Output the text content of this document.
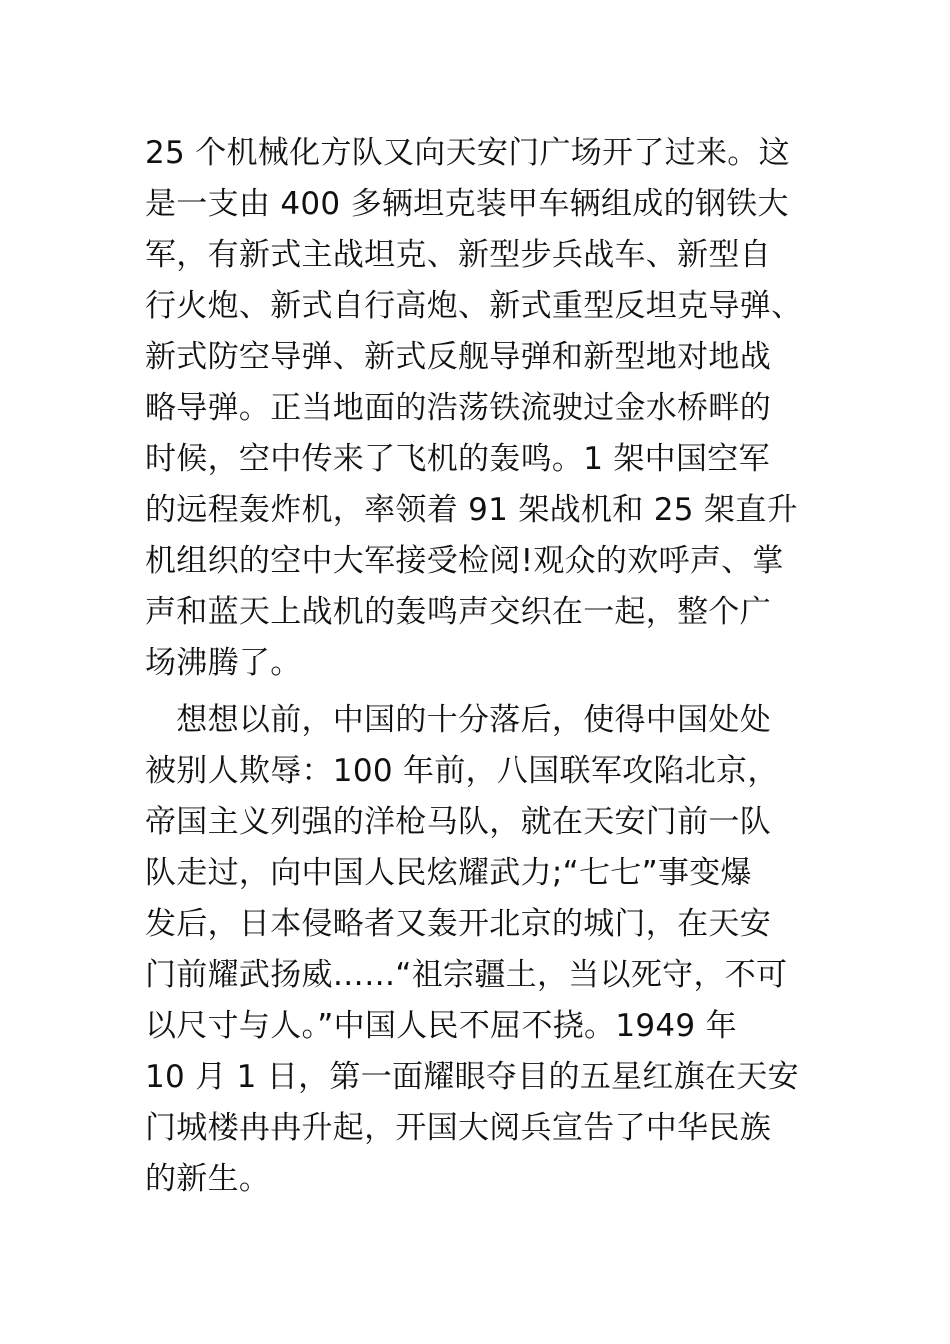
25 个机械化方队又向天安门广场开了过来。这
是一支由 400 多辆坦克装甲车辆组成的钢铁大
军，有新式主战坦克、新型步兵战车、新型自
行火炮、新式自行高炮、新式重型反坦克导弹、
新式防空导弹、新式反舰导弹和新型地对地战
略导弹。正当地面的浩荡铁流驶过金水桥畔的
时候，空中传来了飞机的轰鸣。1 架中国空军
的远程轰炸机，率领着 91 架战机和 25 架直升
机组织的空中大军接受检阅!观众的欢呼声、掌
声和蓝天上战机的轰鸣声交织在一起，整个广
场沸腾了。
　想想以前，中国的十分落后，使得中国处处
被别人欺辱：100 年前，八国联军攻陷北京，
帝国主义列强的洋枪马队，就在天安门前一队
队走过，向中国人民炫耀武力;“七七”事变爆
发后，日本侵略者又轰开北京的城门，在天安
门前耀武扬威……“祖宗疆土，当以死守，不可
以尺寸与人。”中国人民不屈不挠。1949 年
10 月 1 日，第一面耀眼夺目的五星红旗在天安
门城楼冉冉升起，开国大阅兵宣告了中华民族
的新生。
